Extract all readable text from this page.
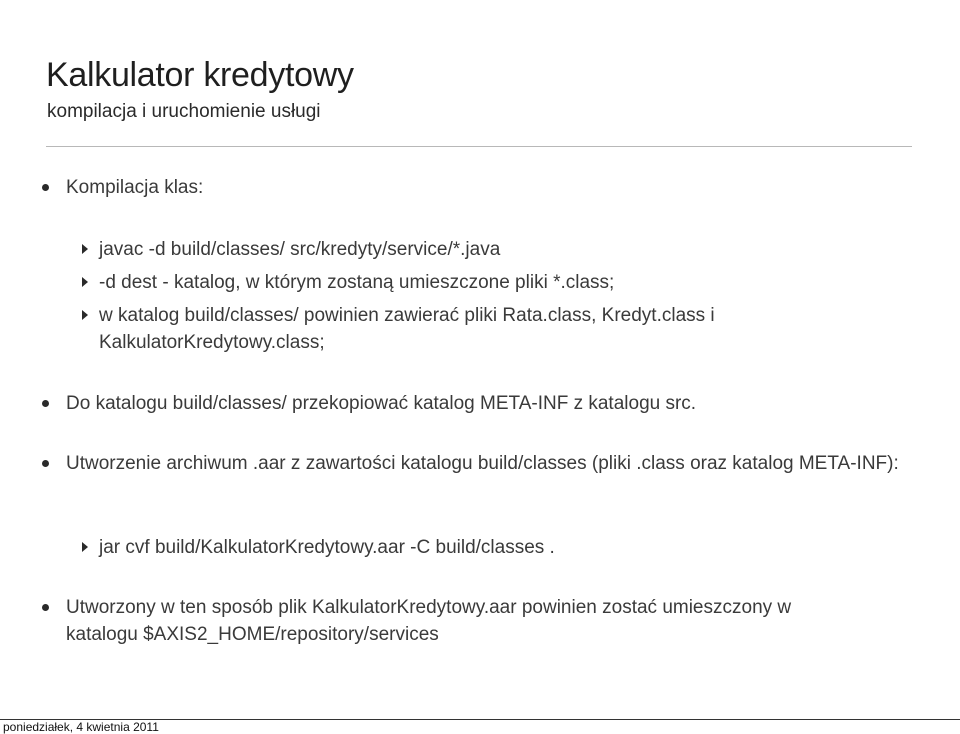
Kalkulator kredytowy
kompilacja i uruchomienie usługi
Kompilacja klas:
javac -d build/classes/ src/kredyty/service/*.java
-d dest - katalog, w którym zostaną umieszczone pliki *.class;
w katalog build/classes/ powinien zawierać pliki Rata.class, Kredyt.class i KalkulatorKredytowy.class;
Do katalogu build/classes/ przekopiować katalog META-INF z katalogu src.
Utworzenie archiwum .aar z zawartości katalogu build/classes (pliki .class oraz katalog META-INF):
jar cvf build/KalkulatorKredytowy.aar -C build/classes .
Utworzony w ten sposób plik KalkulatorKredytowy.aar powinien zostać umieszczony w katalogu $AXIS2_HOME/repository/services
poniedziałek, 4 kwietnia 2011
